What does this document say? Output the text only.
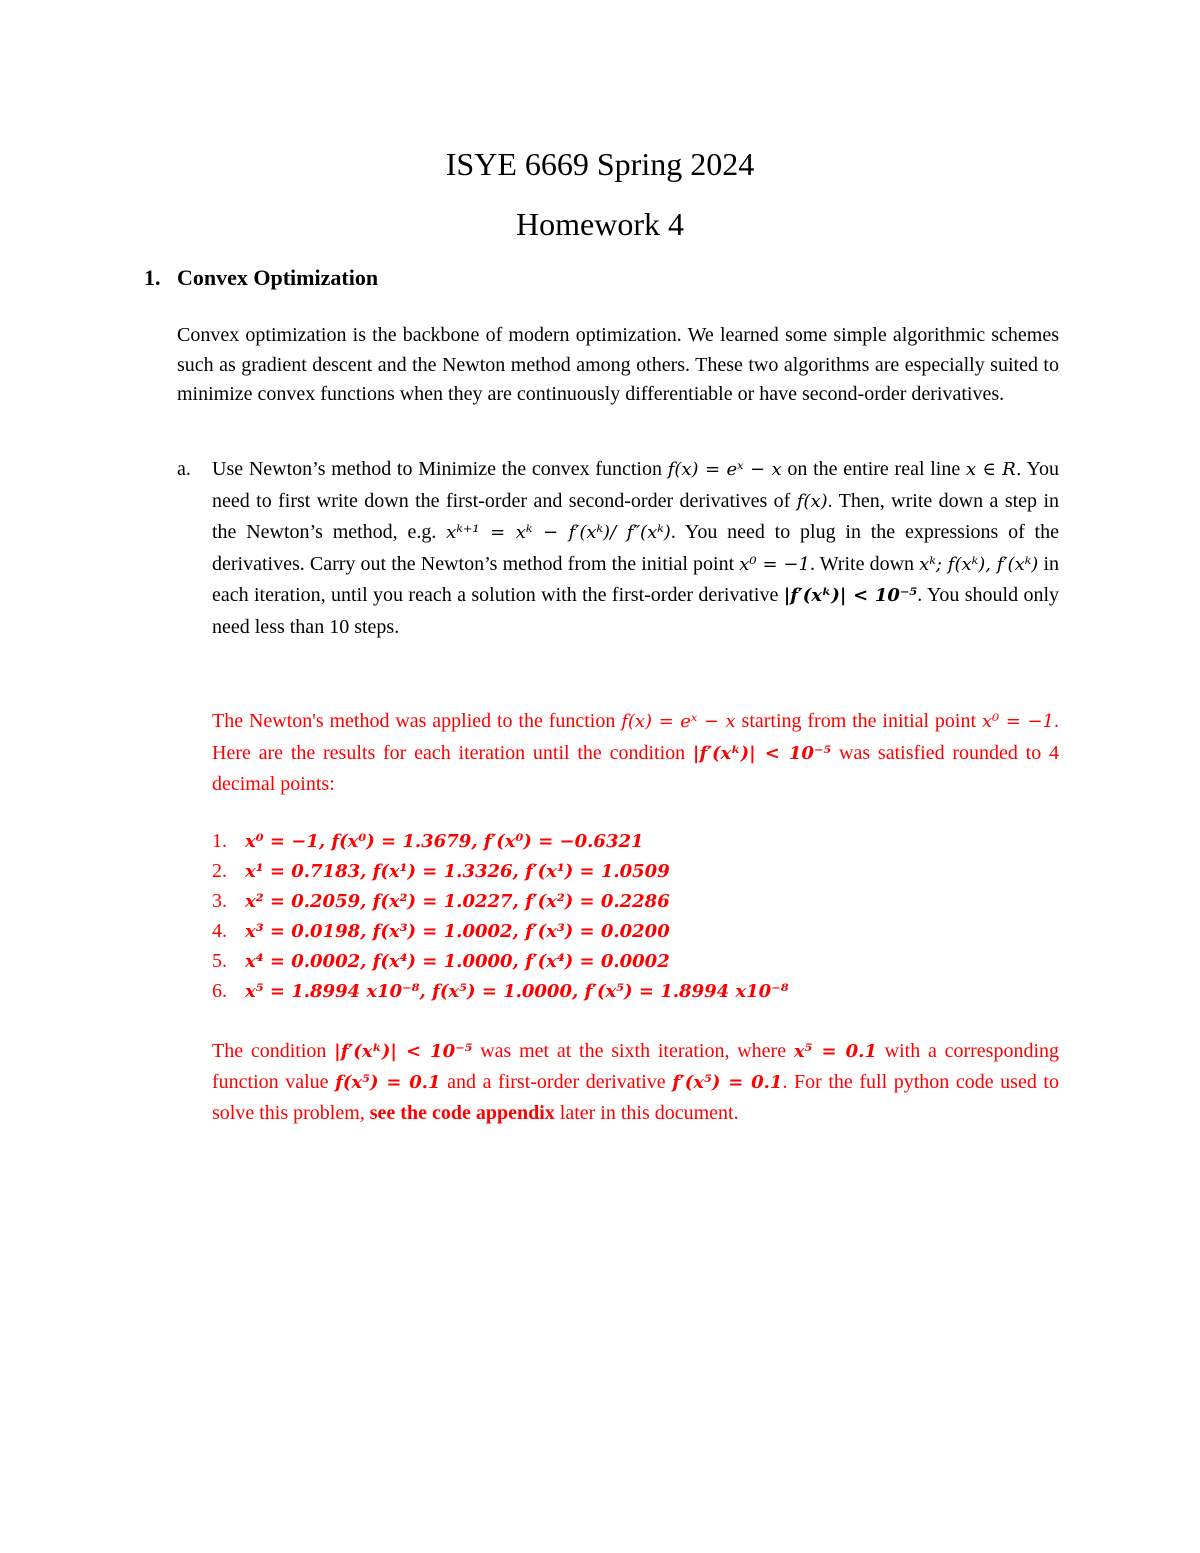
ISYE 6669 Spring 2024
Homework 4
1. Convex Optimization

Convex optimization is the backbone of modern optimization. We learned some simple algorithmic schemes such as gradient descent and the Newton method among others. These two algorithms are especially suited to minimize convex functions when they are continuously differentiable or have second-order derivatives.

a. Use Newton’s method to Minimize the convex function f(x) = eˣ − x on the entire real line x ∈ R. You need to first write down the first-order and second-order derivatives of f(x). Then, write down a step in the Newton’s method, e.g. xᵏ⁺¹ = xᵏ − f′(xᵏ)/ f″(xᵏ). You need to plug in the expressions of the derivatives. Carry out the Newton’s method from the initial point x⁰ = −1. Write down xᵏ; f(xᵏ), f′(xᵏ) in each iteration, until you reach a solution with the first-order derivative |f′(xᵏ)| < 10⁻⁵. You should only need less than 10 steps.

The Newton's method was applied to the function f(x) = eˣ − x starting from the initial point x⁰ = −1. Here are the results for each iteration until the condition |f′(xᵏ)| < 10⁻⁵ was satisfied rounded to 4 decimal points:

1. x⁰ = −1, f(x⁰) = 1.3679, f′(x⁰) = −0.6321
2. x¹ = 0.7183, f(x¹) = 1.3326, f′(x¹) = 1.0509
3. x² = 0.2059, f(x²) = 1.0227, f′(x²) = 0.2286
4. x³ = 0.0198, f(x³) = 1.0002, f′(x³) = 0.0200
5. x⁴ = 0.0002, f(x⁴) = 1.0000, f′(x⁴) = 0.0002
6. x⁵ = 1.8994 x10⁻⁸, f(x⁵) = 1.0000, f′(x⁵) = 1.8994 x10⁻⁸

The condition |f′(xᵏ)| < 10⁻⁵ was met at the sixth iteration, where x⁵ = 0.1 with a corresponding function value f(x⁵) = 0.1 and a first-order derivative f′(x⁵) = 0.1. For the full python code used to solve this problem, see the code appendix later in this document.
